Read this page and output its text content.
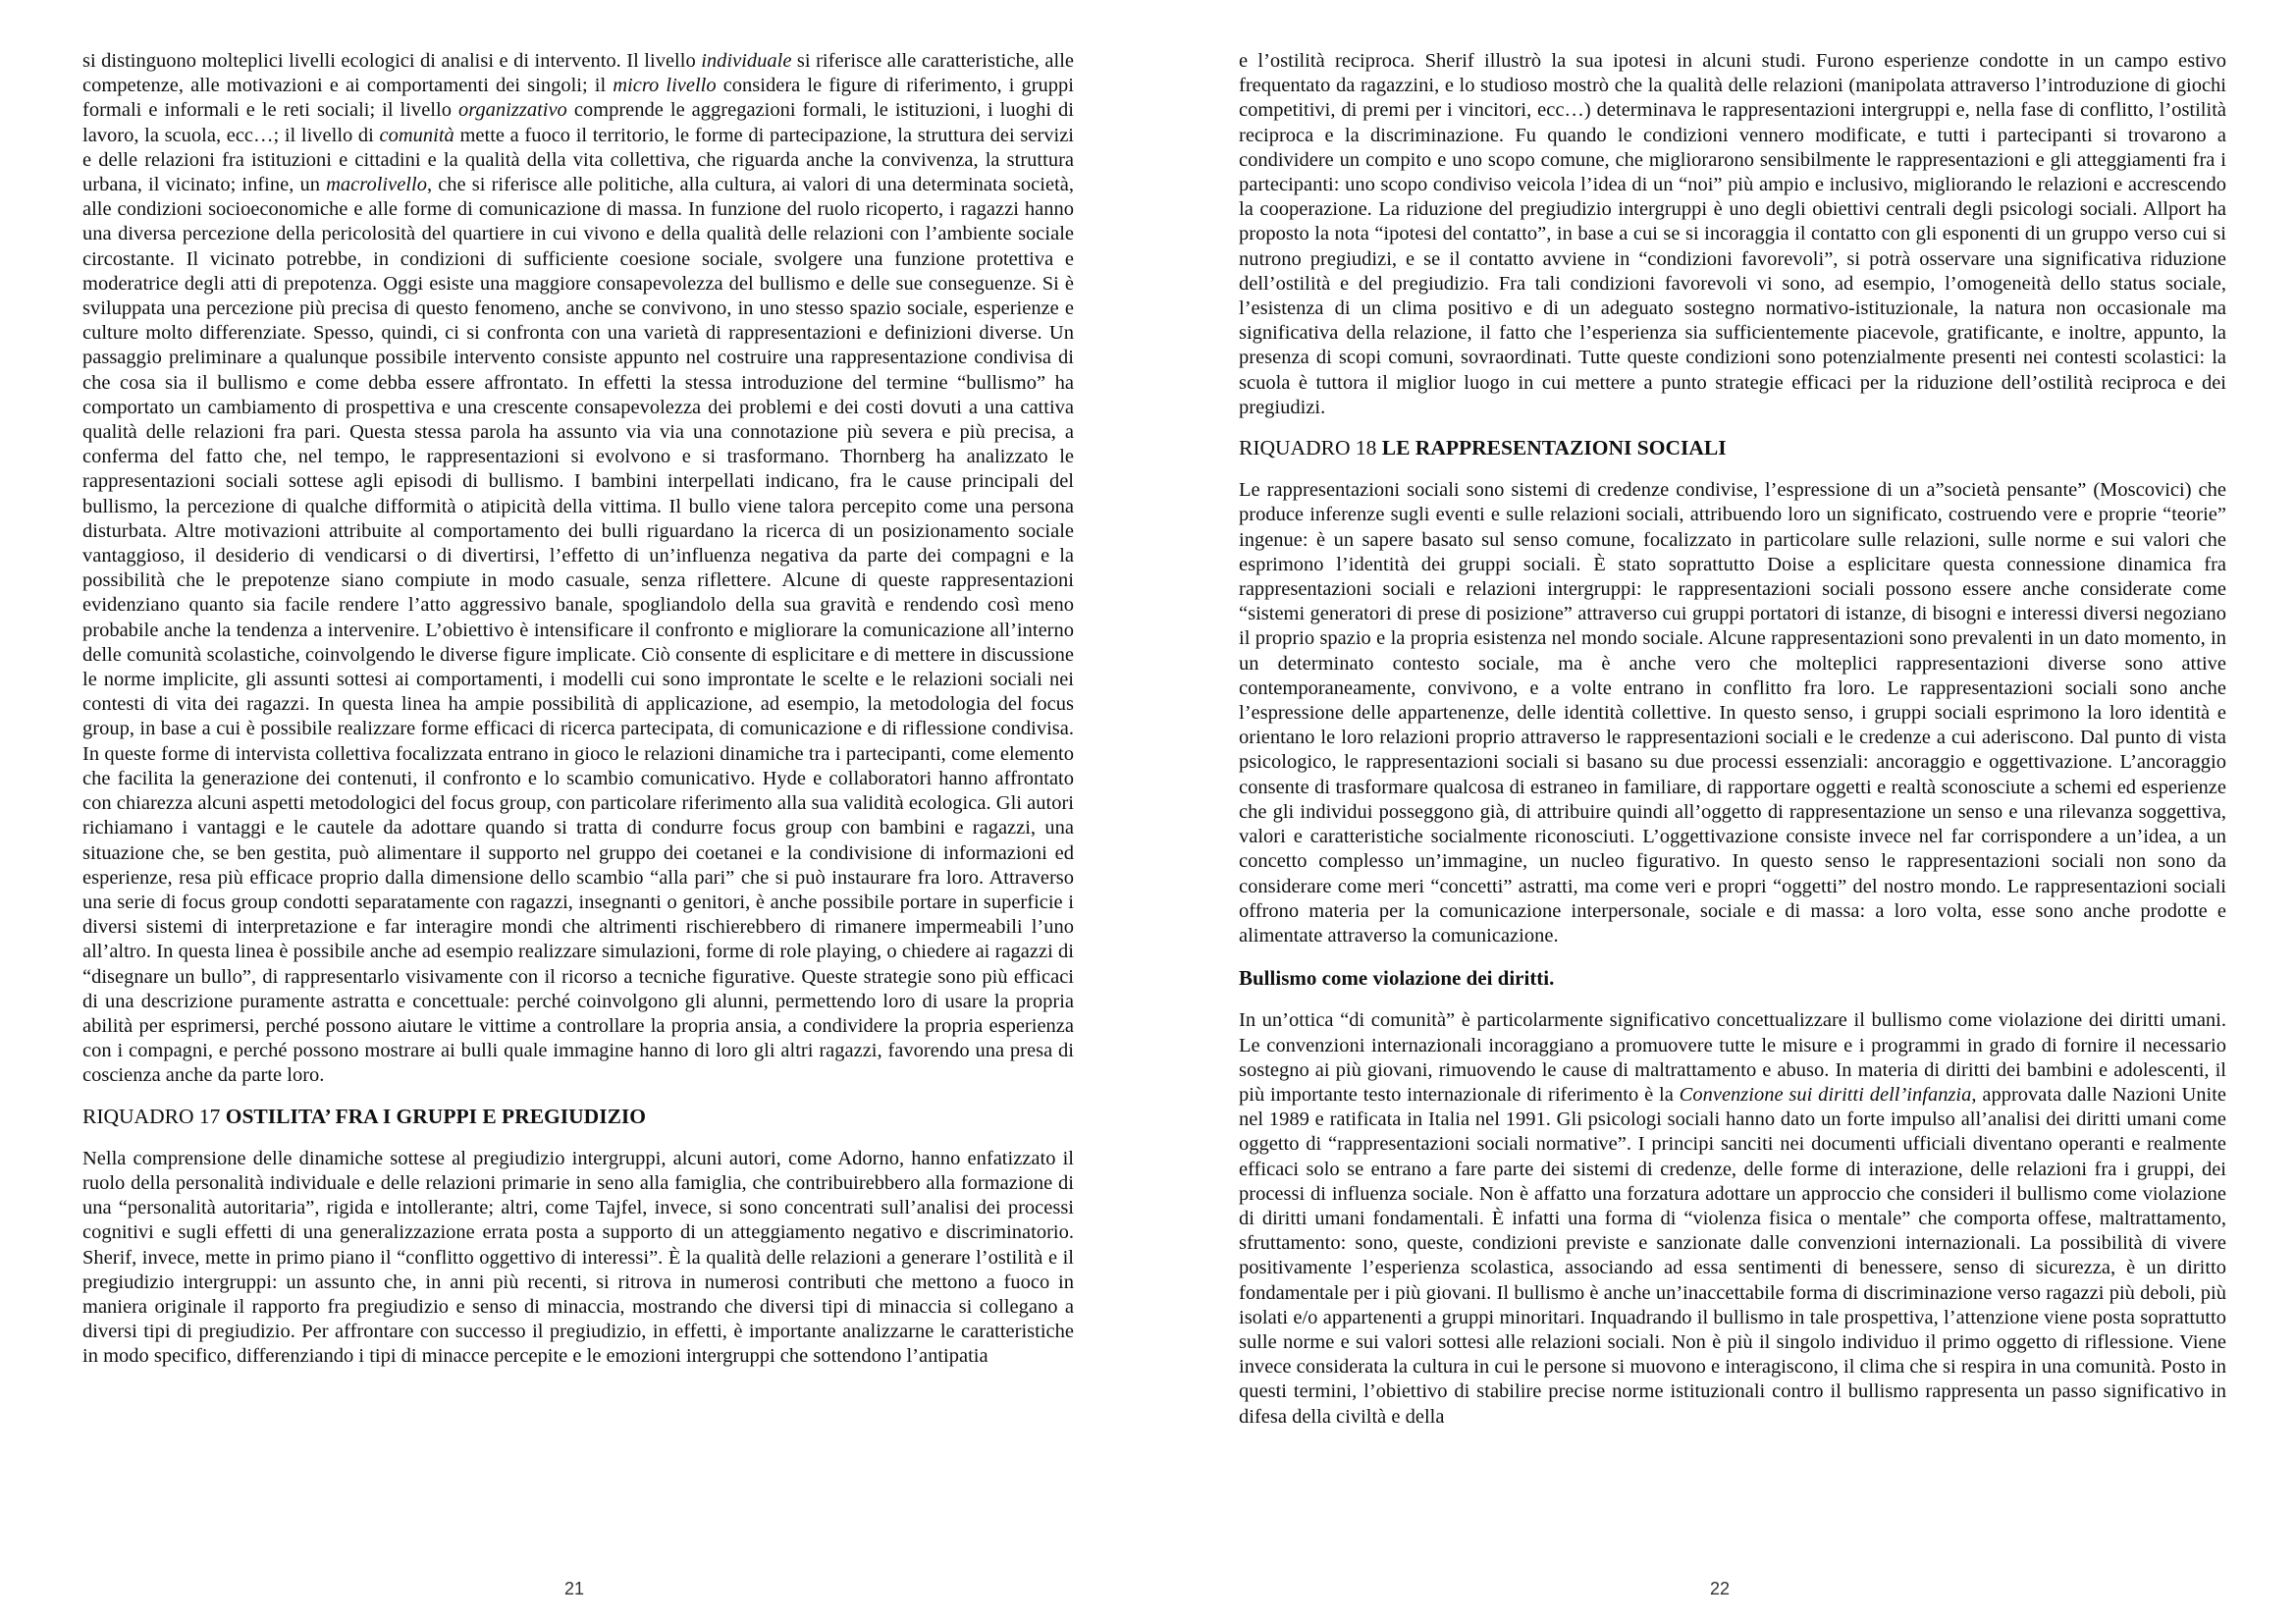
si distinguono molteplici livelli ecologici di analisi e di intervento. Il livello individuale si riferisce alle caratteristiche, alle competenze, alle motivazioni e ai comportamenti dei singoli; il micro livello considera le figure di riferimento, i gruppi formali e informali e le reti sociali; il livello organizzativo comprende le aggregazioni formali, le istituzioni, i luoghi di lavoro, la scuola, ecc…; il livello di comunità mette a fuoco il territorio, le forme di partecipazione, la struttura dei servizi e delle relazioni fra istituzioni e cittadini e la qualità della vita collettiva, che riguarda anche la convivenza, la struttura urbana, il vicinato; infine, un macrolivello, che si riferisce alle politiche, alla cultura, ai valori di una determinata società, alle condizioni socioeconomiche e alle forme di comunicazione di massa. In funzione del ruolo ricoperto, i ragazzi hanno una diversa percezione della pericolosità del quartiere in cui vivono e della qualità delle relazioni con l’ambiente sociale circostante. Il vicinato potrebbe, in condizioni di sufficiente coesione sociale, svolgere una funzione protettiva e moderatrice degli atti di prepotenza. Oggi esiste una maggiore consapevolezza del bullismo e delle sue conseguenze. Si è sviluppata una percezione più precisa di questo fenomeno, anche se convivono, in uno stesso spazio sociale, esperienze e culture molto differenziate. Spesso, quindi, ci si confronta con una varietà di rappresentazioni e definizioni diverse. Un passaggio preliminare a qualunque possibile intervento consiste appunto nel costruire una rappresentazione condivisa di che cosa sia il bullismo e come debba essere affrontato. In effetti la stessa introduzione del termine “bullismo” ha comportato un cambiamento di prospettiva e una crescente consapevolezza dei problemi e dei costi dovuti a una cattiva qualità delle relazioni fra pari. Questa stessa parola ha assunto via via una connotazione più severa e più precisa, a conferma del fatto che, nel tempo, le rappresentazioni si evolvono e si trasformano. Thornberg ha analizzato le rappresentazioni sociali sottese agli episodi di bullismo. I bambini interpellati indicano, fra le cause principali del bullismo, la percezione di qualche difformità o atipicità della vittima. Il bullo viene talora percepito come una persona disturbata. Altre motivazioni attribuite al comportamento dei bulli riguardano la ricerca di un posizionamento sociale vantaggioso, il desiderio di vendicarsi o di divertirsi, l’effetto di un’influenza negativa da parte dei compagni e la possibilità che le prepotenze siano compiute in modo casuale, senza riflettere. Alcune di queste rappresentazioni evidenziano quanto sia facile rendere l’atto aggressivo banale, spogliandolo della sua gravità e rendendo così meno probabile anche la tendenza a intervenire. L’obiettivo è intensificare il confronto e migliorare la comunicazione all’interno delle comunità scolastiche, coinvolgendo le diverse figure implicate. Ciò consente di esplicitare e di mettere in discussione le norme implicite, gli assunti sottesi ai comportamenti, i modelli cui sono improntate le scelte e le relazioni sociali nei contesti di vita dei ragazzi. In questa linea ha ampie possibilità di applicazione, ad esempio, la metodologia del focus group, in base a cui è possibile realizzare forme efficaci di ricerca partecipata, di comunicazione e di riflessione condivisa. In queste forme di intervista collettiva focalizzata entrano in gioco le relazioni dinamiche tra i partecipanti, come elemento che facilita la generazione dei contenuti, il confronto e lo scambio comunicativo. Hyde e collaboratori hanno affrontato con chiarezza alcuni aspetti metodologici del focus group, con particolare riferimento alla sua validità ecologica. Gli autori richiamano i vantaggi e le cautele da adottare quando si tratta di condurre focus group con bambini e ragazzi, una situazione che, se ben gestita, può alimentare il supporto nel gruppo dei coetanei e la condivisione di informazioni ed esperienze, resa più efficace proprio dalla dimensione dello scambio “alla pari” che si può instaurare fra loro. Attraverso una serie di focus group condotti separatamente con ragazzi, insegnanti o genitori, è anche possibile portare in superficie i diversi sistemi di interpretazione e far interagire mondi che altrimenti rischierebbero di rimanere impermeabili l’uno all’altro. In questa linea è possibile anche ad esempio realizzare simulazioni, forme di role playing, o chiedere ai ragazzi di “disegnare un bullo”, di rappresentarlo visivamente con il ricorso a tecniche figurative. Queste strategie sono più efficaci di una descrizione puramente astratta e concettuale: perché coinvolgono gli alunni, permettendo loro di usare la propria abilità per esprimersi, perché possono aiutare le vittime a controllare la propria ansia, a condividere la propria esperienza con i compagni, e perché possono mostrare ai bulli quale immagine hanno di loro gli altri ragazzi, favorendo una presa di coscienza anche da parte loro.

RIQUADRO 17 OSTILITA’ FRA I GRUPPI E PREGIUDIZIO

Nella comprensione delle dinamiche sottese al pregiudizio intergruppi, alcuni autori, come Adorno, hanno enfatizzato il ruolo della personalità individuale e delle relazioni primarie in seno alla famiglia, che contribuirebbero alla formazione di una “personalità autoritaria”, rigida e intollerante; altri, come Tajfel, invece, si sono concentrati sull’analisi dei processi cognitivi e sugli effetti di una generalizzazione errata posta a supporto di un atteggiamento negativo e discriminatorio. Sherif, invece, mette in primo piano il “conflitto oggettivo di interessi”. È la qualità delle relazioni a generare l’ostilità e il pregiudizio intergruppi: un assunto che, in anni più recenti, si ritrova in numerosi contributi che mettono a fuoco in maniera originale il rapporto fra pregiudizio e senso di minaccia, mostrando che diversi tipi di minaccia si collegano a diversi tipi di pregiudizio. Per affrontare con successo il pregiudizio, in effetti, è importante analizzarne le caratteristiche in modo specifico, differenziando i tipi di minacce percepite e le emozioni intergruppi che sottendono l’antipatia

21

e l’ostilità reciproca. Sherif illustrò la sua ipotesi in alcuni studi. Furono esperienze condotte in un campo estivo frequentato da ragazzini, e lo studioso mostrò che la qualità delle relazioni (manipolata attraverso l’introduzione di giochi competitivi, di premi per i vincitori, ecc…) determinava le rappresentazioni intergruppi e, nella fase di conflitto, l’ostilità reciproca e la discriminazione. Fu quando le condizioni vennero modificate, e tutti i partecipanti si trovarono a condividere un compito e uno scopo comune, che migliorarono sensibilmente le rappresentazioni e gli atteggiamenti fra i partecipanti: uno scopo condiviso veicola l’idea di un “noi” più ampio e inclusivo, migliorando le relazioni e accrescendo la cooperazione. La riduzione del pregiudizio intergruppi è uno degli obiettivi centrali degli psicologi sociali. Allport ha proposto la nota “ipotesi del contatto”, in base a cui se si incoraggia il contatto con gli esponenti di un gruppo verso cui si nutrono pregiudizi, e se il contatto avviene in “condizioni favorevoli”, si potrà osservare una significativa riduzione dell’ostilità e del pregiudizio. Fra tali condizioni favorevoli vi sono, ad esempio, l’omogeneità dello status sociale, l’esistenza di un clima positivo e di un adeguato sostegno normativo-istituzionale, la natura non occasionale ma significativa della relazione, il fatto che l’esperienza sia sufficientemente piacevole, gratificante, e inoltre, appunto, la presenza di scopi comuni, sovraordinati. Tutte queste condizioni sono potenzialmente presenti nei contesti scolastici: la scuola è tuttora il miglior luogo in cui mettere a punto strategie efficaci per la riduzione dell’ostilità reciproca e dei pregiudizi.

RIQUADRO 18 LE RAPPRESENTAZIONI SOCIALI

Le rappresentazioni sociali sono sistemi di credenze condivise, l’espressione di un a”società pensante” (Moscovici) che produce inferenze sugli eventi e sulle relazioni sociali, attribuendo loro un significato, costruendo vere e proprie “teorie” ingenue: è un sapere basato sul senso comune, focalizzato in particolare sulle relazioni, sulle norme e sui valori che esprimono l’identità dei gruppi sociali. È stato soprattutto Doise a esplicitare questa connessione dinamica fra rappresentazioni sociali e relazioni intergruppi: le rappresentazioni sociali possono essere anche considerate come “sistemi generatori di prese di posizione” attraverso cui gruppi portatori di istanze, di bisogni e interessi diversi negoziano il proprio spazio e la propria esistenza nel mondo sociale. Alcune rappresentazioni sono prevalenti in un dato momento, in un determinato contesto sociale, ma è anche vero che molteplici rappresentazioni diverse sono attive contemporaneamente, convivono, e a volte entrano in conflitto fra loro. Le rappresentazioni sociali sono anche l’espressione delle appartenenze, delle identità collettive. In questo senso, i gruppi sociali esprimono la loro identità e orientano le loro relazioni proprio attraverso le rappresentazioni sociali e le credenze a cui aderiscono. Dal punto di vista psicologico, le rappresentazioni sociali si basano su due processi essenziali: ancoraggio e oggettivazione. L’ancoraggio consente di trasformare qualcosa di estraneo in familiare, di rapportare oggetti e realtà sconosciute a schemi ed esperienze che gli individui posseggono già, di attribuire quindi all’oggetto di rappresentazione un senso e una rilevanza soggettiva, valori e caratteristiche socialmente riconosciuti. L’oggettivazione consiste invece nel far corrispondere a un’idea, a un concetto complesso un’immagine, un nucleo figurativo. In questo senso le rappresentazioni sociali non sono da considerare come meri “concetti” astratti, ma come veri e propri “oggetti” del nostro mondo. Le rappresentazioni sociali offrono materia per la comunicazione interpersonale, sociale e di massa: a loro volta, esse sono anche prodotte e alimentate attraverso la comunicazione.

Bullismo come violazione dei diritti.

In un’ottica “di comunità” è particolarmente significativo concettualizzare il bullismo come violazione dei diritti umani. Le convenzioni internazionali incoraggiano a promuovere tutte le misure e i programmi in grado di fornire il necessario sostegno ai più giovani, rimuovendo le cause di maltrattamento e abuso. In materia di diritti dei bambini e adolescenti, il più importante testo internazionale di riferimento è la Convenzione sui diritti dell’infanzia, approvata dalle Nazioni Unite nel 1989 e ratificata in Italia nel 1991. Gli psicologi sociali hanno dato un forte impulso all’analisi dei diritti umani come oggetto di “rappresentazioni sociali normative”. I principi sanciti nei documenti ufficiali diventano operanti e realmente efficaci solo se entrano a fare parte dei sistemi di credenze, delle forme di interazione, delle relazioni fra i gruppi, dei processi di influenza sociale. Non è affatto una forzatura adottare un approccio che consideri il bullismo come violazione di diritti umani fondamentali. È infatti una forma di “violenza fisica o mentale” che comporta offese, maltrattamento, sfruttamento: sono, queste, condizioni previste e sanzionate dalle convenzioni internazionali. La possibilità di vivere positivamente l’esperienza scolastica, associando ad essa sentimenti di benessere, senso di sicurezza, è un diritto fondamentale per i più giovani. Il bullismo è anche un’inaccettabile forma di discriminazione verso ragazzi più deboli, più isolati e/o appartenenti a gruppi minoritari. Inquadrando il bullismo in tale prospettiva, l’attenzione viene posta soprattutto sulle norme e sui valori sottesi alle relazioni sociali. Non è più il singolo individuo il primo oggetto di riflessione. Viene invece considerata la cultura in cui le persone si muovono e interagiscono, il clima che si respira in una comunità. Posto in questi termini, l’obiettivo di stabilire precise norme istituzionali contro il bullismo rappresenta un passo significativo in difesa della civiltà e della

22
